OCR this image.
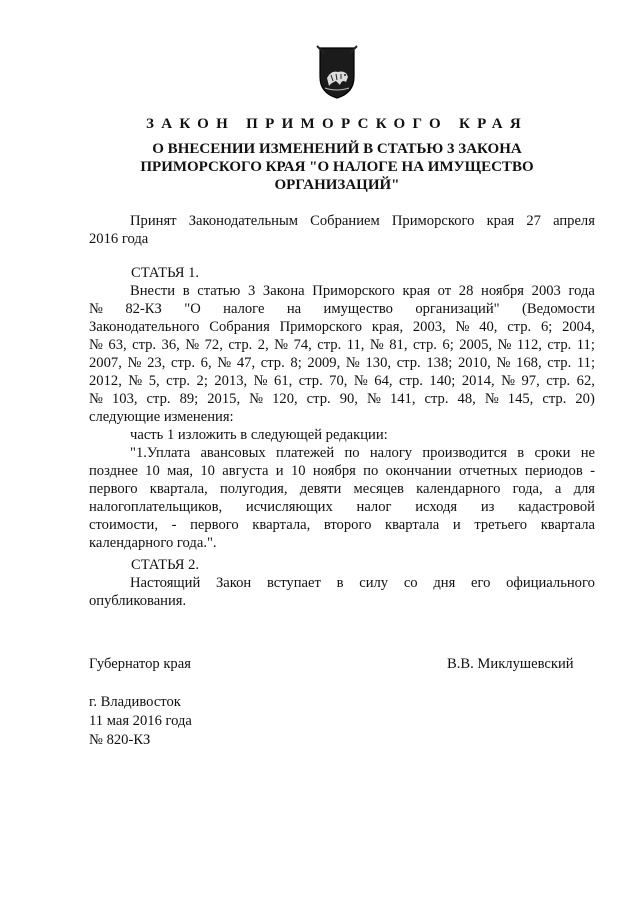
ЗАКОН ПРИМОРСКОГО КРАЯ
О ВНЕСЕНИИ ИЗМЕНЕНИЙ В СТАТЬЮ 3 ЗАКОНА
ПРИМОРСКОГО КРАЯ "О НАЛОГЕ НА ИМУЩЕСТВО
ОРГАНИЗАЦИЙ"
Принят Законодательным Собранием Приморского края 27 апреля
2016 года
СТАТЬЯ 1.
Внести в статью 3 Закона Приморского края от 28 ноября 2003 года
№ 82-КЗ "О налоге на имущество организаций" (Ведомости
Законодательного Собрания Приморского края, 2003, № 40, стр. 6; 2004,
№ 63, стр. 36, № 72, стр. 2, № 74, стр. 11, № 81, стр. 6; 2005, № 112, стр. 11;
2007, № 23, стр. 6, № 47, стр. 8; 2009, № 130, стр. 138; 2010, № 168, стр. 11;
2012, № 5, стр. 2; 2013, № 61, стр. 70, № 64, стр. 140; 2014, № 97, стр. 62,
№ 103, стр. 89; 2015, № 120, стр. 90, № 141, стр. 48, № 145, стр. 20)
следующие изменения:
часть 1 изложить в следующей редакции:
"1.Уплата авансовых платежей по налогу производится в сроки не
позднее 10 мая, 10 августа и 10 ноября по окончании отчетных периодов -
первого квартала, полугодия, девяти месяцев календарного года, а для
налогоплательщиков, исчисляющих налог исходя из кадастровой
стоимости, - первого квартала, второго квартала и третьего квартала
календарного года.".
СТАТЬЯ 2.
Настоящий Закон вступает в силу со дня его официального
опубликования.
Губернатор края	В.В. Миклушевский
г. Владивосток
11 мая 2016 года
№ 820-КЗ
